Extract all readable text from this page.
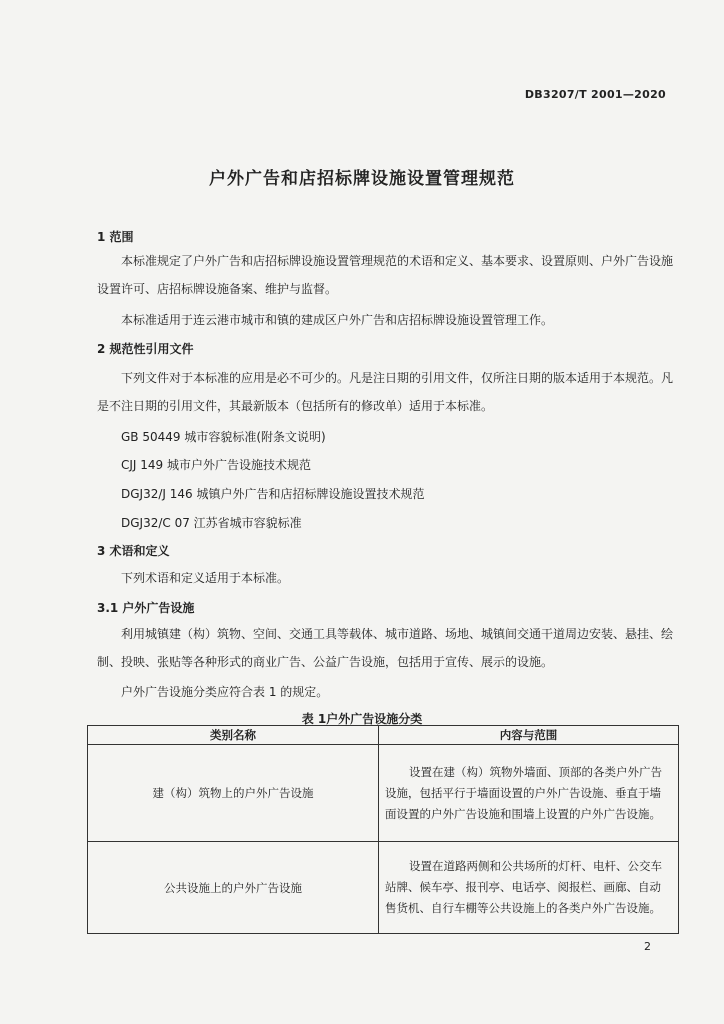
DB3207/T 2001—2020
户外广告和店招标牌设施设置管理规范
1 范围

本标准规定了户外广告和店招标牌设施设置管理规范的术语和定义、基本要求、设置原则、户外广告设施设置许可、店招标牌设施备案、维护与监督。

本标准适用于连云港市城市和镇的建成区户外广告和店招标牌设施设置管理工作。

2 规范性引用文件

下列文件对于本标准的应用是必不可少的。凡是注日期的引用文件，仅所注日期的版本适用于本规范。凡是不注日期的引用文件，其最新版本（包括所有的修改单）适用于本标准。

GB 50449 城市容貌标准(附条文说明)
CJJ 149 城市户外广告设施技术规范
DGJ32/J 146 城镇户外广告和店招标牌设施设置技术规范
DGJ32/C 07 江苏省城市容貌标准
3 术语和定义

下列术语和定义适用于本标准。

3.1 户外广告设施

利用城镇建（构）筑物、空间、交通工具等载体、城市道路、场地、城镇间交通干道周边安装、悬挂、绘制、投映、张贴等各种形式的商业广告、公益广告设施，包括用于宣传、展示的设施。

户外广告设施分类应符合表 1 的规定。

表 1户外广告设施分类
类别名称	内容与范围
建（构）筑物上的户外广告设施	设置在建（构）筑物外墙面、顶部的各类户外广告设施，包括平行于墙面设置的户外广告设施、垂直于墙面设置的户外广告设施和围墙上设置的户外广告设施。
公共设施上的户外广告设施	设置在道路两侧和公共场所的灯杆、电杆、公交车站牌、候车亭、报刊亭、电话亭、阅报栏、画廊、自动售货机、自行车棚等公共设施上的各类户外广告设施。
2
